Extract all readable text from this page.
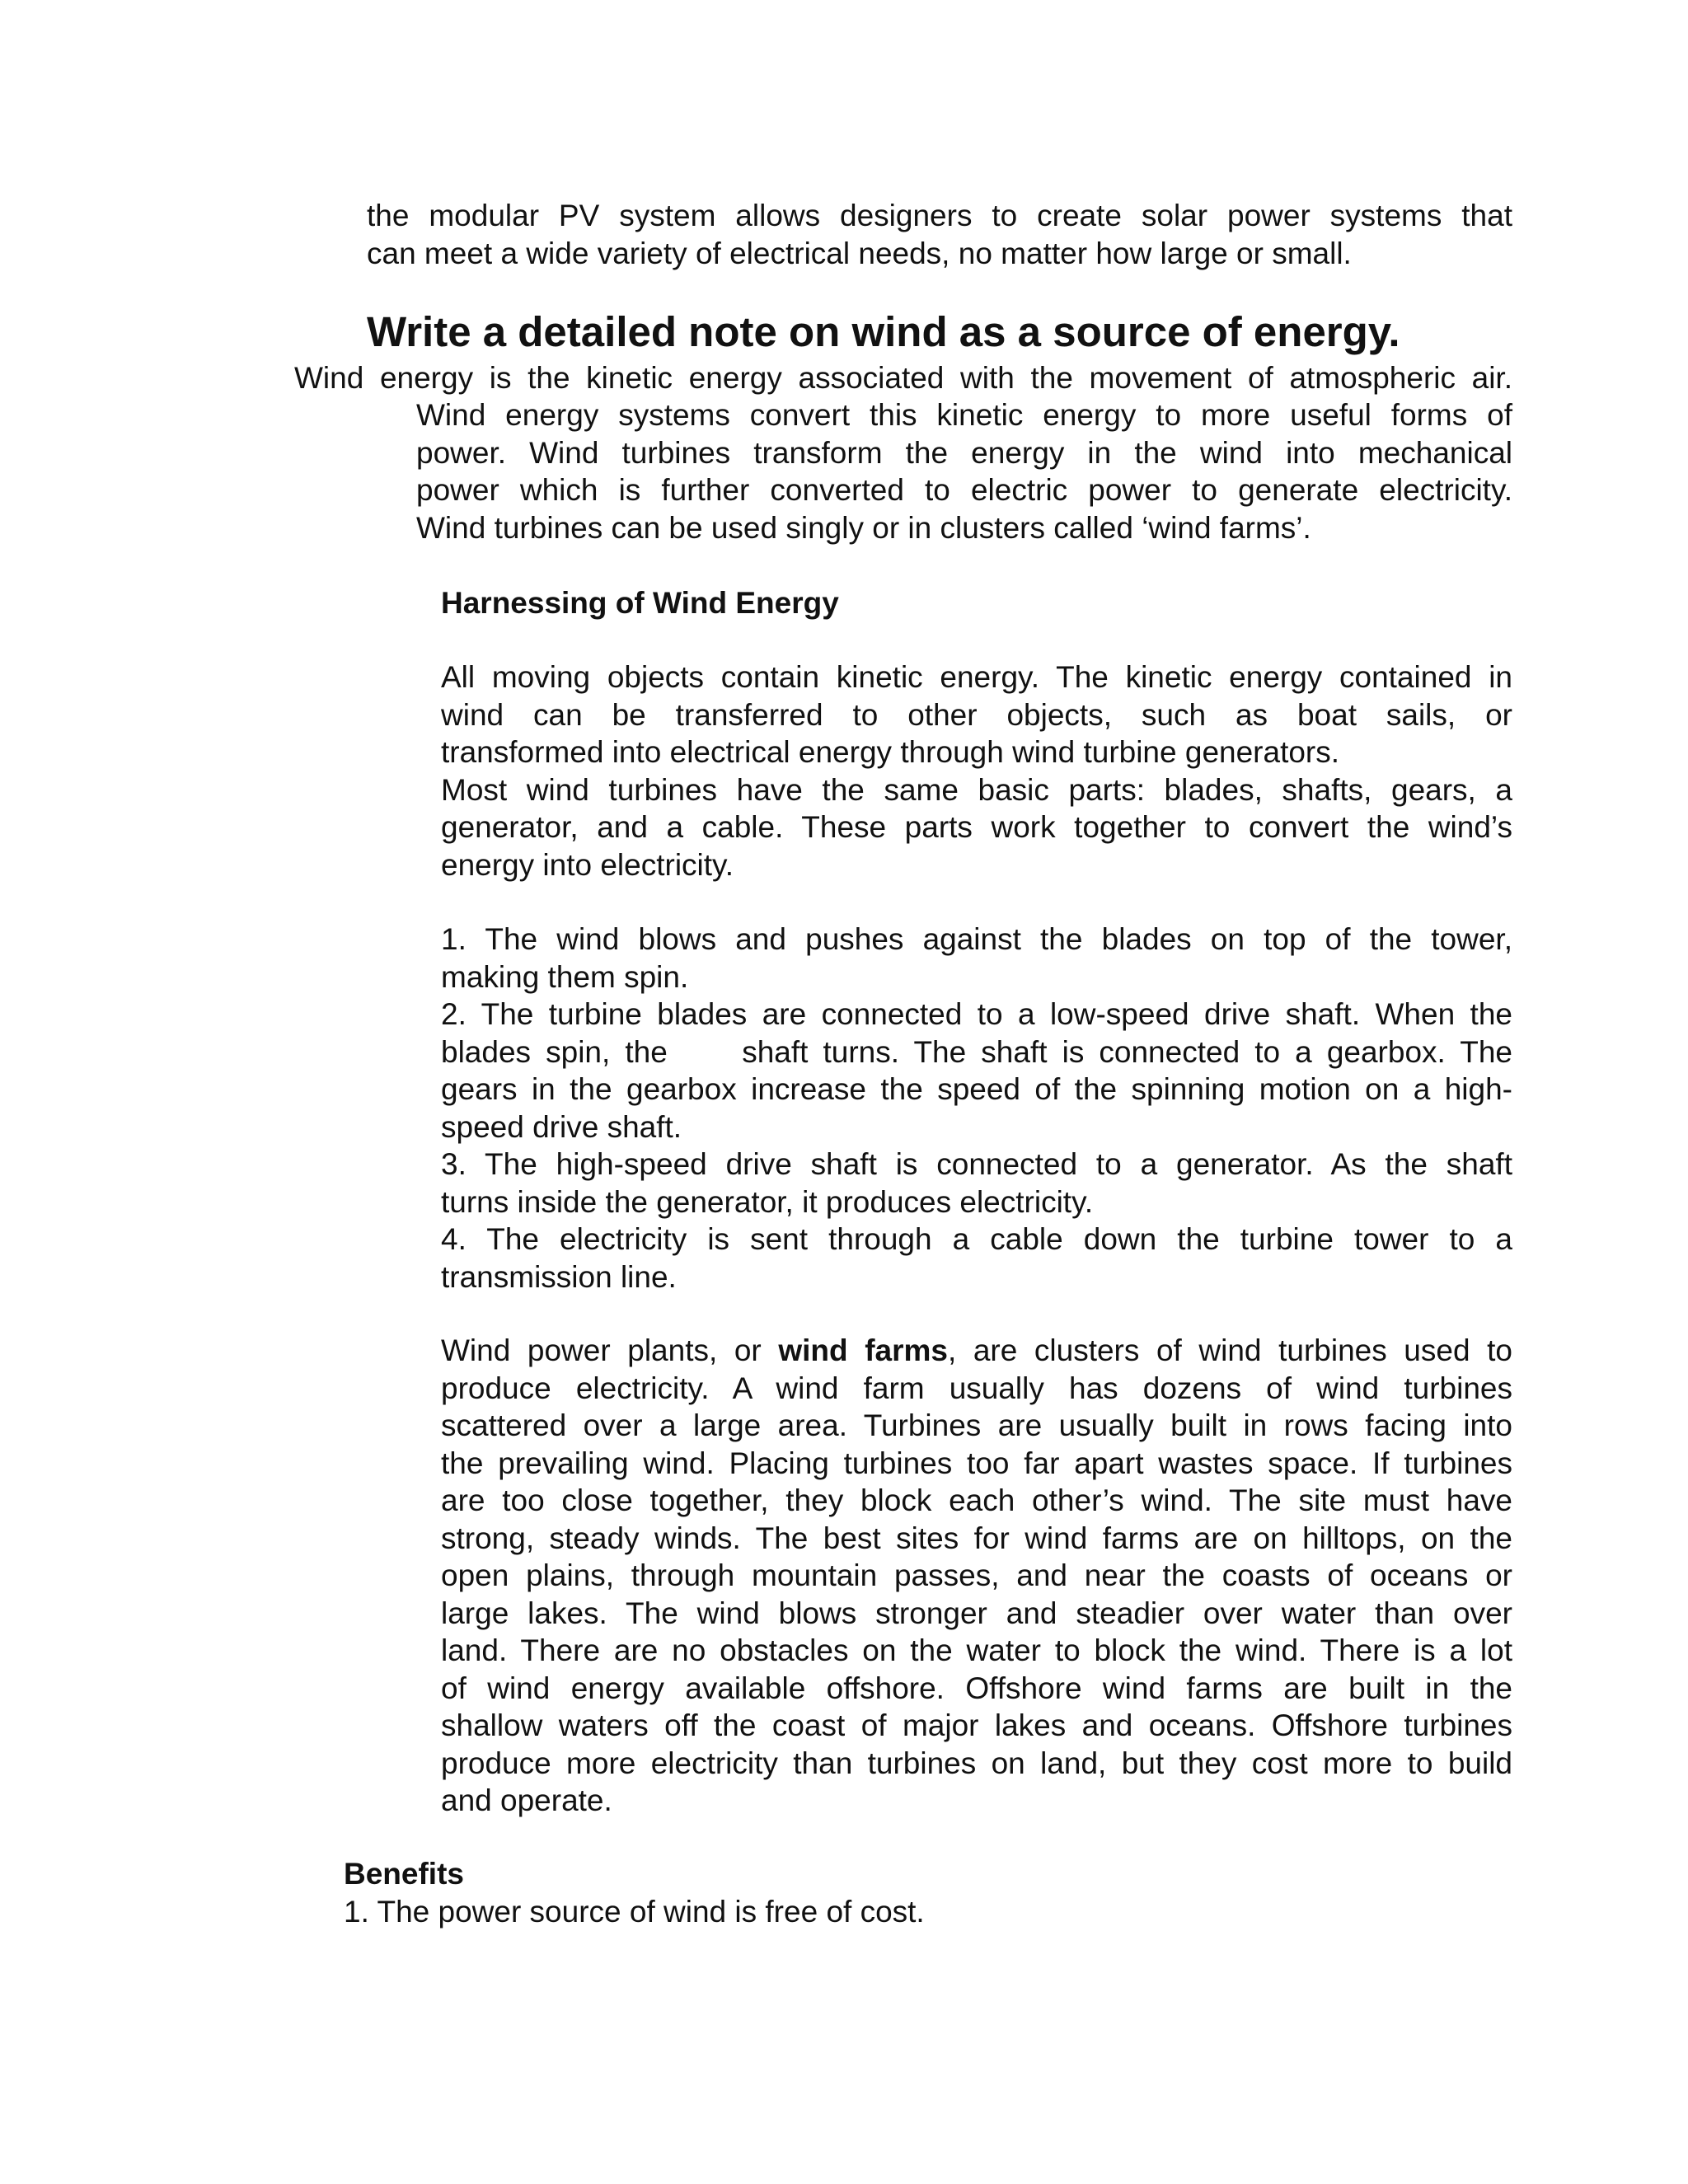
the modular PV system allows designers to create solar power systems that
can meet a wide variety of electrical needs, no matter how large or small.
Write a detailed note on wind as a source of energy.
Wind energy is the kinetic energy associated with the movement of atmospheric air.
Wind energy systems convert this kinetic energy to more useful forms of
power. Wind turbines transform the energy in the wind into mechanical
power which is further converted to electric power to generate electricity.
Wind turbines can be used singly or in clusters called ‘wind farms’.
Harnessing of Wind Energy
All moving objects contain kinetic energy. The kinetic energy contained in
wind can be transferred to other objects, such as boat sails, or
transformed into electrical energy through wind turbine generators.
Most wind turbines have the same basic parts: blades, shafts, gears, a
generator, and a cable. These parts work together to convert the wind’s
energy into electricity.
1. The wind blows and pushes against the blades on top of the tower,
making them spin.
2. The turbine blades are connected to a low-speed drive shaft. When the
blades spin, the     shaft turns. The shaft is connected to a gearbox. The
gears in the gearbox increase the speed of the spinning motion on a high-
speed drive shaft.
3. The high-speed drive shaft is connected to a generator. As the shaft
turns inside the generator, it produces electricity.
4. The electricity is sent through a cable down the turbine tower to a
transmission line.
Wind power plants, or wind farms, are clusters of wind turbines used to
produce electricity. A wind farm usually has dozens of wind turbines
scattered over a large area. Turbines are usually built in rows facing into
the prevailing wind. Placing turbines too far apart wastes space. If turbines
are too close together, they block each other’s wind. The site must have
strong, steady winds. The best sites for wind farms are on hilltops, on the
open plains, through mountain passes, and near the coasts of oceans or
large lakes. The wind blows stronger and steadier over water than over
land. There are no obstacles on the water to block the wind. There is a lot
of wind energy available offshore. Offshore wind farms are built in the
shallow waters off the coast of major lakes and oceans. Offshore turbines
produce more electricity than turbines on land, but they cost more to build
and operate.
Benefits
1. The power source of wind is free of cost.
